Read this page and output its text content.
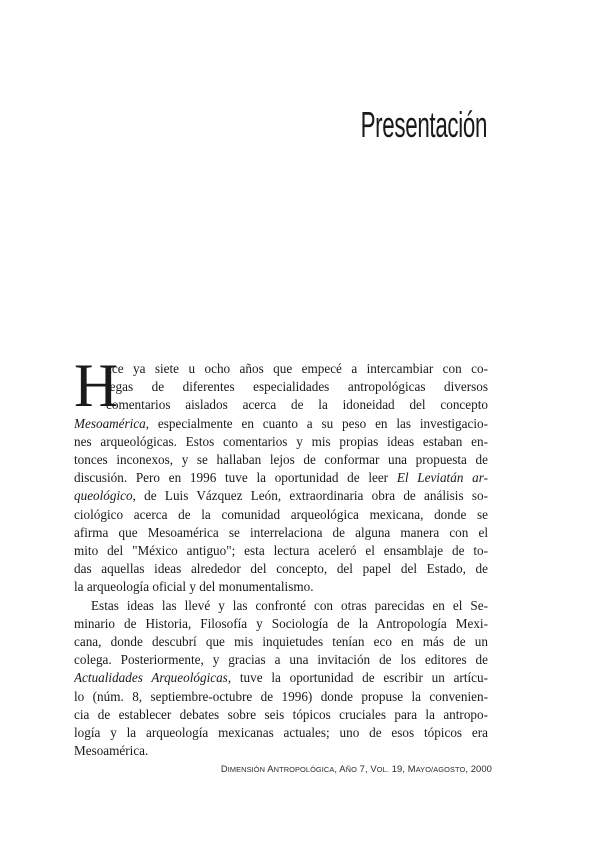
Presentación
H

ace ya siete u ocho años que empecé a intercambiar con co-
legas de diferentes especialidades antropológicas diversos
comentarios aislados acerca de la idoneidad del concepto
Mesoamérica, especialmente en cuanto a su peso en las investigacio-
nes arqueológicas. Estos comentarios y mis propias ideas estaban en-
tonces inconexos, y se hallaban lejos de conformar una propuesta de
discusión. Pero en 1996 tuve la oportunidad de leer El Leviatán ar-
queológico, de Luis Vázquez León, extraordinaria obra de análisis so-
ciológico acerca de la comunidad arqueológica mexicana, donde se
afirma que Mesoamérica se interrelaciona de alguna manera con el
mito del "México antiguo"; esta lectura aceleró el ensamblaje de to-
das aquellas ideas alrededor del concepto, del papel del Estado, de
la arqueología oficial y del monumentalismo.

Estas ideas las llevé y las confronté con otras parecidas en el Se-
minario de Historia, Filosofía y Sociología de la Antropología Mexi-
cana, donde descubrí que mis inquietudes tenían eco en más de un
colega. Posteriormente, y gracias a una invitación de los editores de
Actualidades Arqueológicas, tuve la oportunidad de escribir un artícu-
lo (núm. 8, septiembre-octubre de 1996) donde propuse la convenien-
cia de establecer debates sobre seis tópicos cruciales para la antropo-
logía y la arqueología mexicanas actuales; uno de esos tópicos era
Mesoamérica.

DIMENSIÓN ANTROPOLÓGICA, AÑO 7, VOL. 19, MAYO/AGOSTO, 2000
